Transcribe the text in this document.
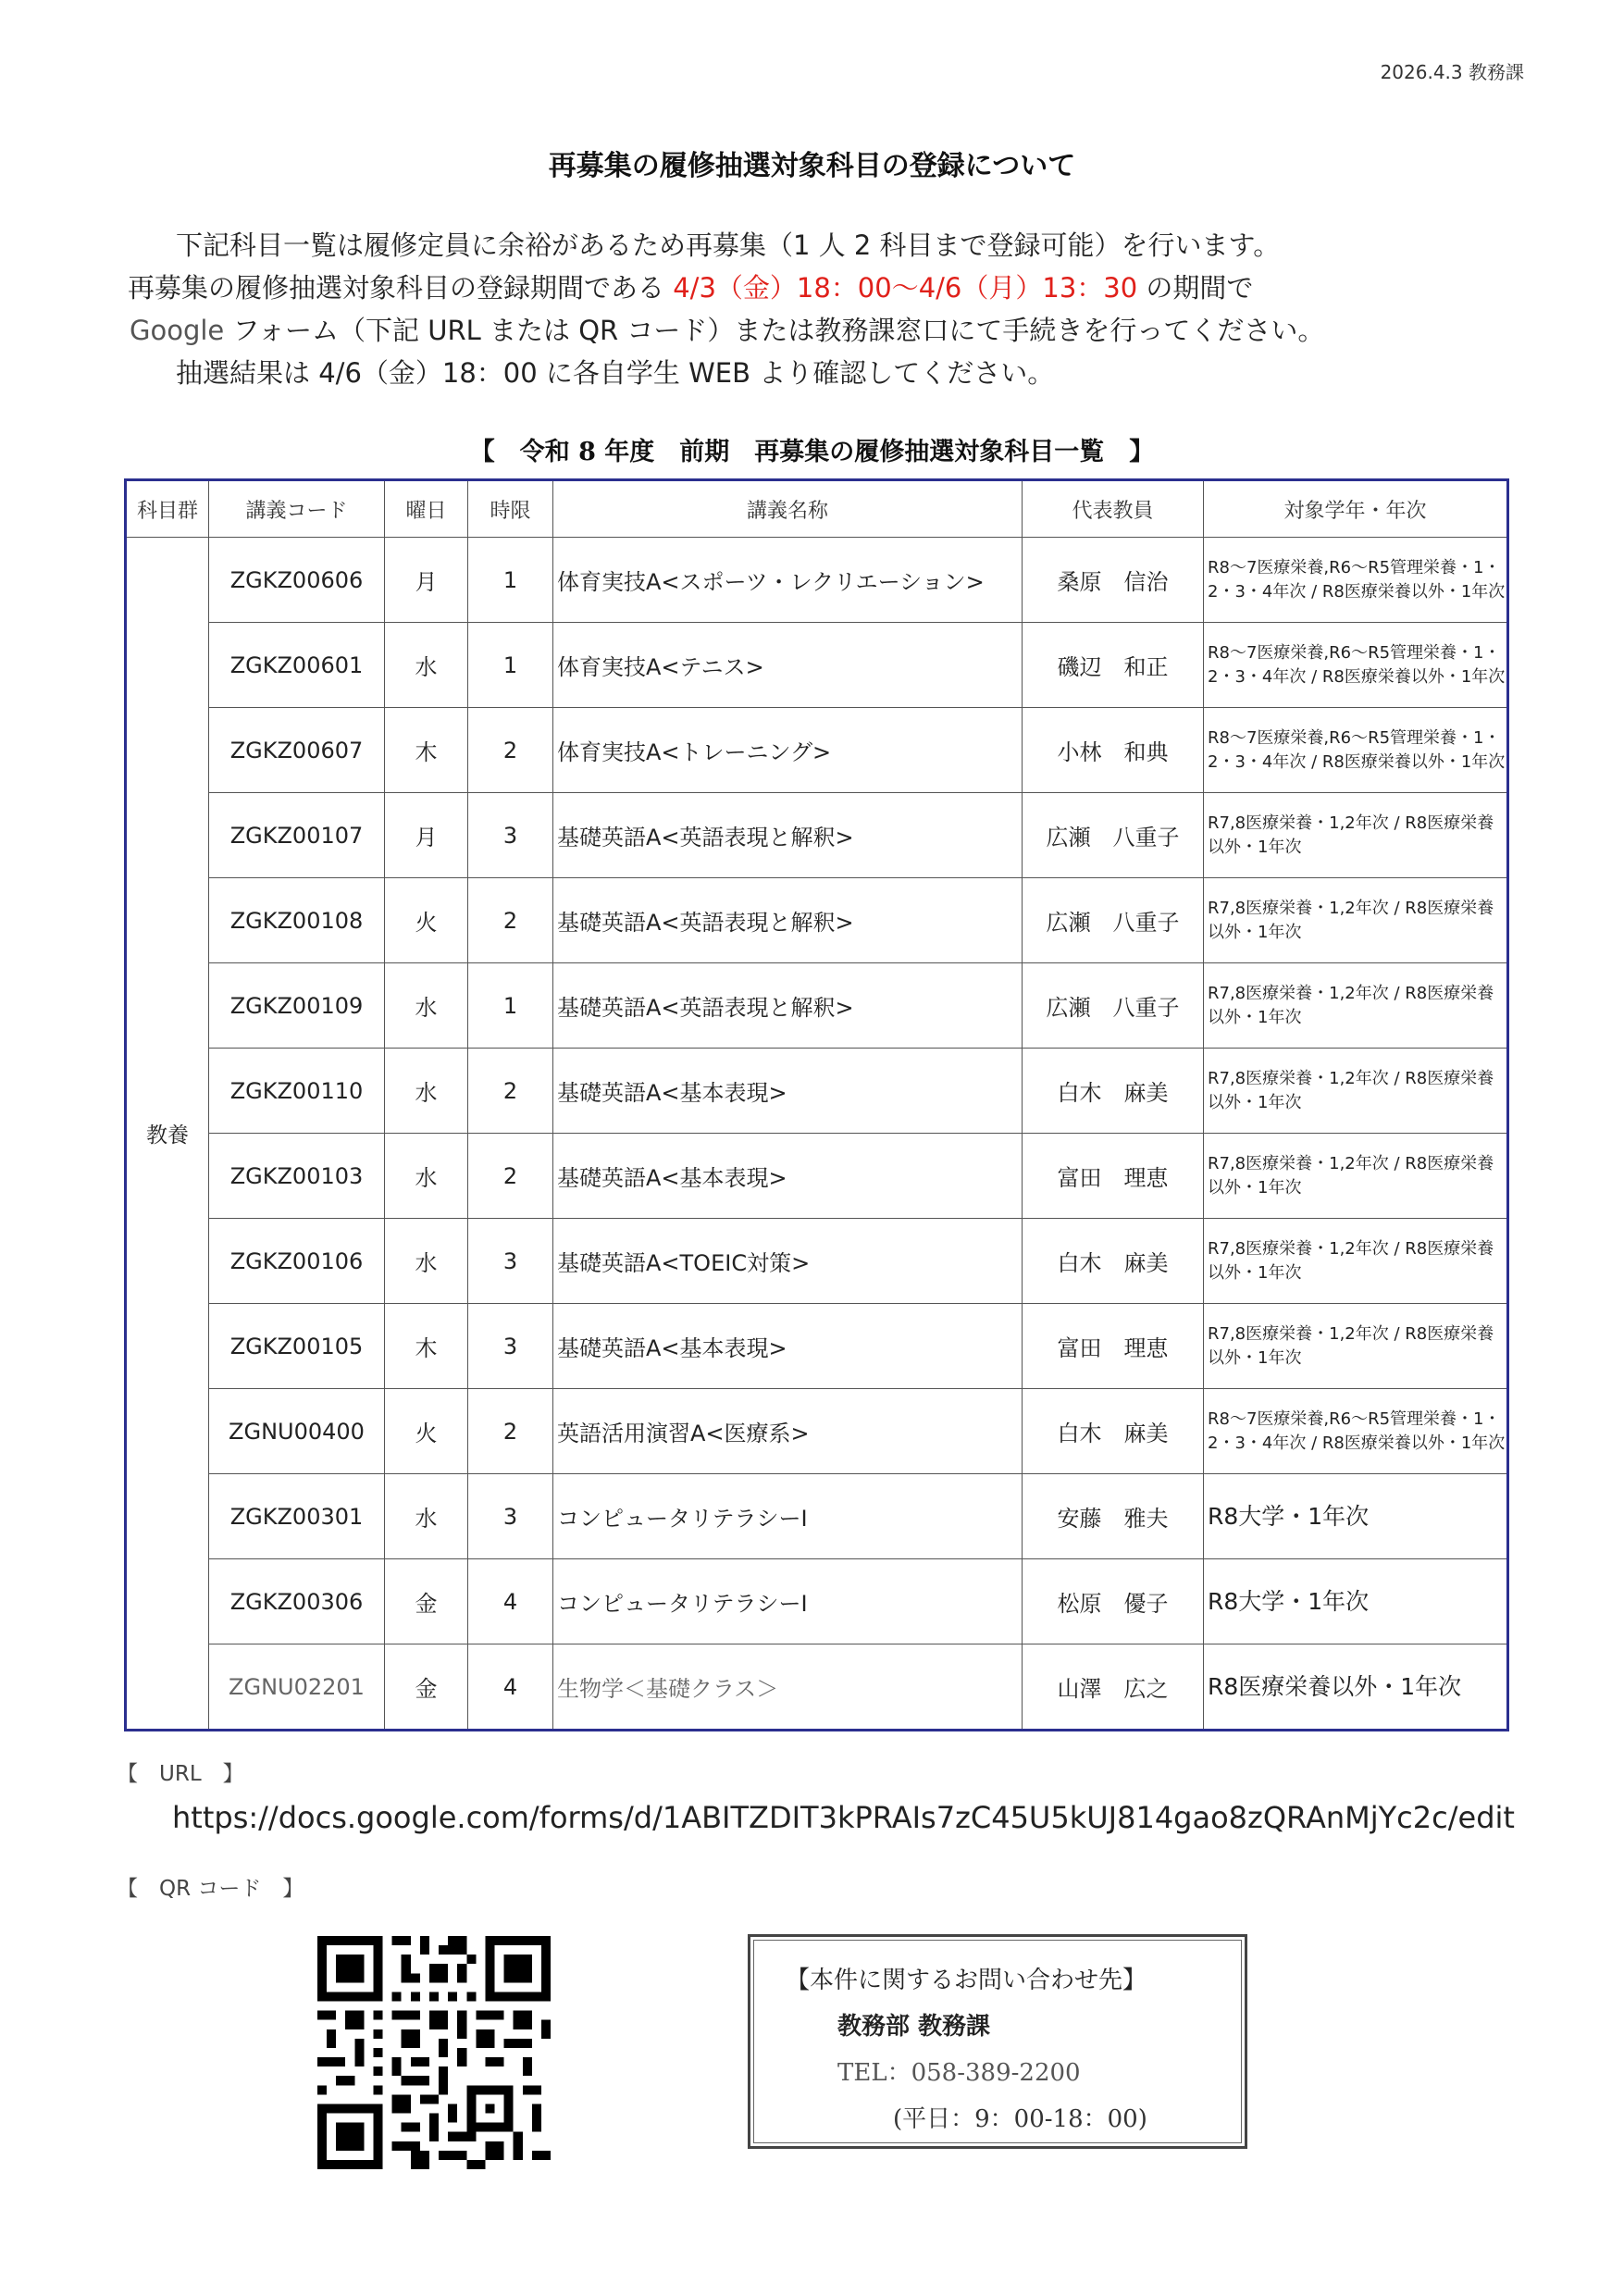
2026.4.3 教務課
再募集の履修抽選対象科目の登録について
下記科目一覧は履修定員に余裕があるため再募集（1 人 2 科目まで登録可能）を行います。
再募集の履修抽選対象科目の登録期間である 4/3（金）18：00〜4/6（月）13：30 の期間で
Google フォーム（下記 URL または QR コード）または教務課窓口にて手続きを行ってください。
抽選結果は 4/6（金）18：00 に各自学生 WEB より確認してください。
【　令和 8 年度　前期　再募集の履修抽選対象科目一覧　】
科目群	講義コード	曜日	時限	講義名称	代表教員	対象学年・年次
教養	ZGKZ00606	月	1	体育実技A<スポーツ・レクリエーション>	桑原　信治	R8〜7医療栄養,R6〜R5管理栄養・1・2・3・4年次 / R8医療栄養以外・1年次
	ZGKZ00601	水	1	体育実技A<テニス>	磯辺　和正	R8〜7医療栄養,R6〜R5管理栄養・1・2・3・4年次 / R8医療栄養以外・1年次
	ZGKZ00607	木	2	体育実技A<トレーニング>	小林　和典	R8〜7医療栄養,R6〜R5管理栄養・1・2・3・4年次 / R8医療栄養以外・1年次
	ZGKZ00107	月	3	基礎英語A<英語表現と解釈>	広瀬　八重子	R7,8医療栄養・1,2年次 / R8医療栄養以外・1年次
	ZGKZ00108	火	2	基礎英語A<英語表現と解釈>	広瀬　八重子	R7,8医療栄養・1,2年次 / R8医療栄養以外・1年次
	ZGKZ00109	水	1	基礎英語A<英語表現と解釈>	広瀬　八重子	R7,8医療栄養・1,2年次 / R8医療栄養以外・1年次
	ZGKZ00110	水	2	基礎英語A<基本表現>	白木　麻美	R7,8医療栄養・1,2年次 / R8医療栄養以外・1年次
	ZGKZ00103	水	2	基礎英語A<基本表現>	富田　理恵	R7,8医療栄養・1,2年次 / R8医療栄養以外・1年次
	ZGKZ00106	水	3	基礎英語A<TOEIC対策>	白木　麻美	R7,8医療栄養・1,2年次 / R8医療栄養以外・1年次
	ZGKZ00105	木	3	基礎英語A<基本表現>	富田　理恵	R7,8医療栄養・1,2年次 / R8医療栄養以外・1年次
	ZGNU00400	火	2	英語活用演習A<医療系>	白木　麻美	R8〜7医療栄養,R6〜R5管理栄養・1・2・3・4年次 / R8医療栄養以外・1年次
	ZGKZ00301	水	3	コンピュータリテラシーⅠ	安藤　雅夫	R8大学・1年次
	ZGKZ00306	金	4	コンピュータリテラシーⅠ	松原　優子	R8大学・1年次
	ZGNU02201	金	4	生物学＜基礎クラス＞	山澤　広之	R8医療栄養以外・1年次
【　URL　】
https://docs.google.com/forms/d/1ABITZDIT3kPRAIs7zC45U5kUJ814gao8zQRAnMjYc2c/edit
【　QR コード　】
【本件に関するお問い合わせ先】
教務部 教務課
TEL：058-389-2200
(平日：9：00-18：00)
